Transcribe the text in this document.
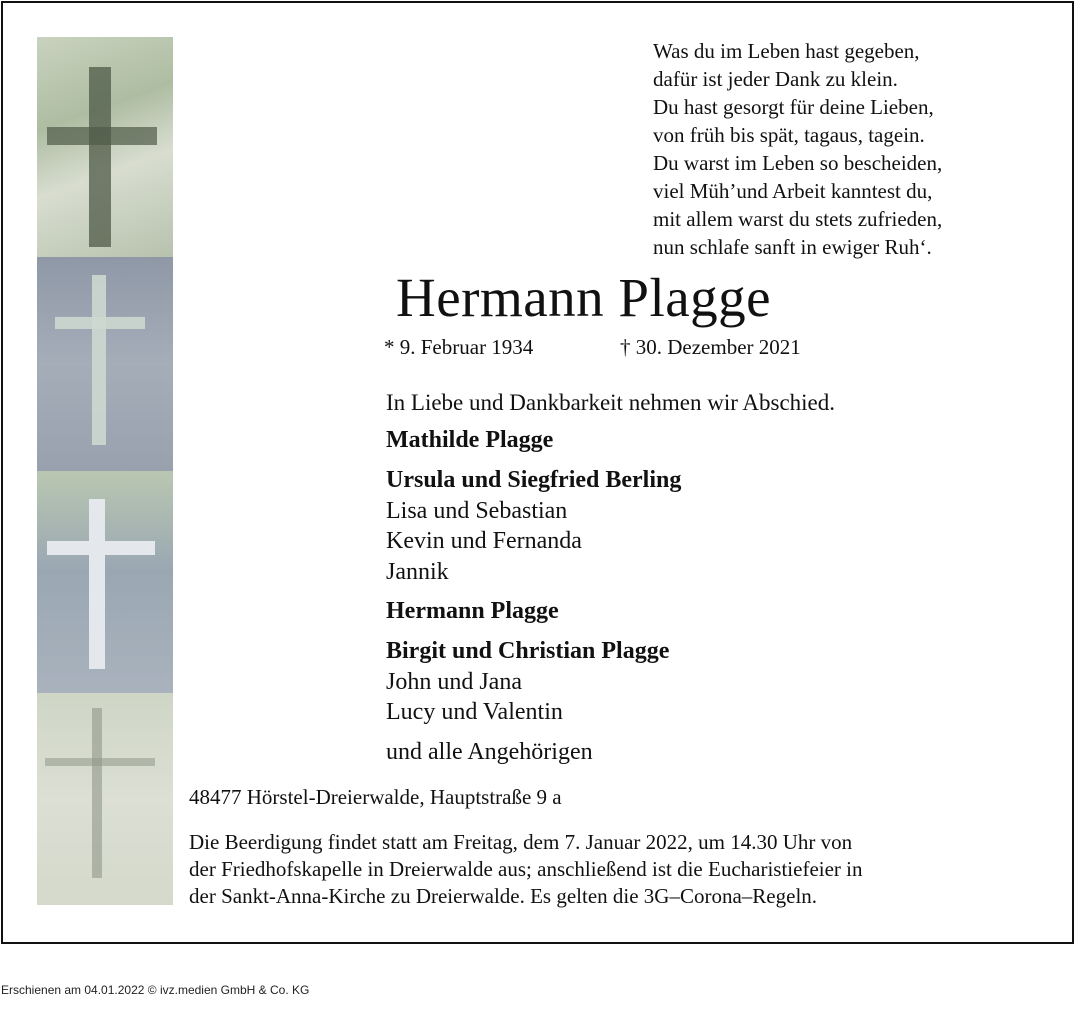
Was du im Leben hast gegeben,
dafür ist jeder Dank zu klein.
Du hast gesorgt für deine Lieben,
von früh bis spät, tagaus, tagein.
Du warst im Leben so bescheiden,
viel Müh’und Arbeit kanntest du,
mit allem warst du stets zufrieden,
nun schlafe sanft in ewiger Ruh‘.
Hermann Plagge
* 9. Februar 1934	† 30. Dezember 2021
In Liebe und Dankbarkeit nehmen wir Abschied.
Mathilde Plagge
Ursula und Siegfried Berling
Lisa und Sebastian
Kevin und Fernanda
Jannik
Hermann Plagge
Birgit und Christian Plagge
John und Jana
Lucy und Valentin
und alle Angehörigen
48477 Hörstel-Dreierwalde, Hauptstraße 9 a
Die Beerdigung findet statt am Freitag, dem 7. Januar 2022, um 14.30 Uhr von
der Friedhofskapelle in Dreierwalde aus; anschließend ist die Eucharistiefeier in
der Sankt-Anna-Kirche zu Dreierwalde. Es gelten die 3G–Corona–Regeln.
Erschienen am 04.01.2022 © ivz.medien GmbH & Co. KG
